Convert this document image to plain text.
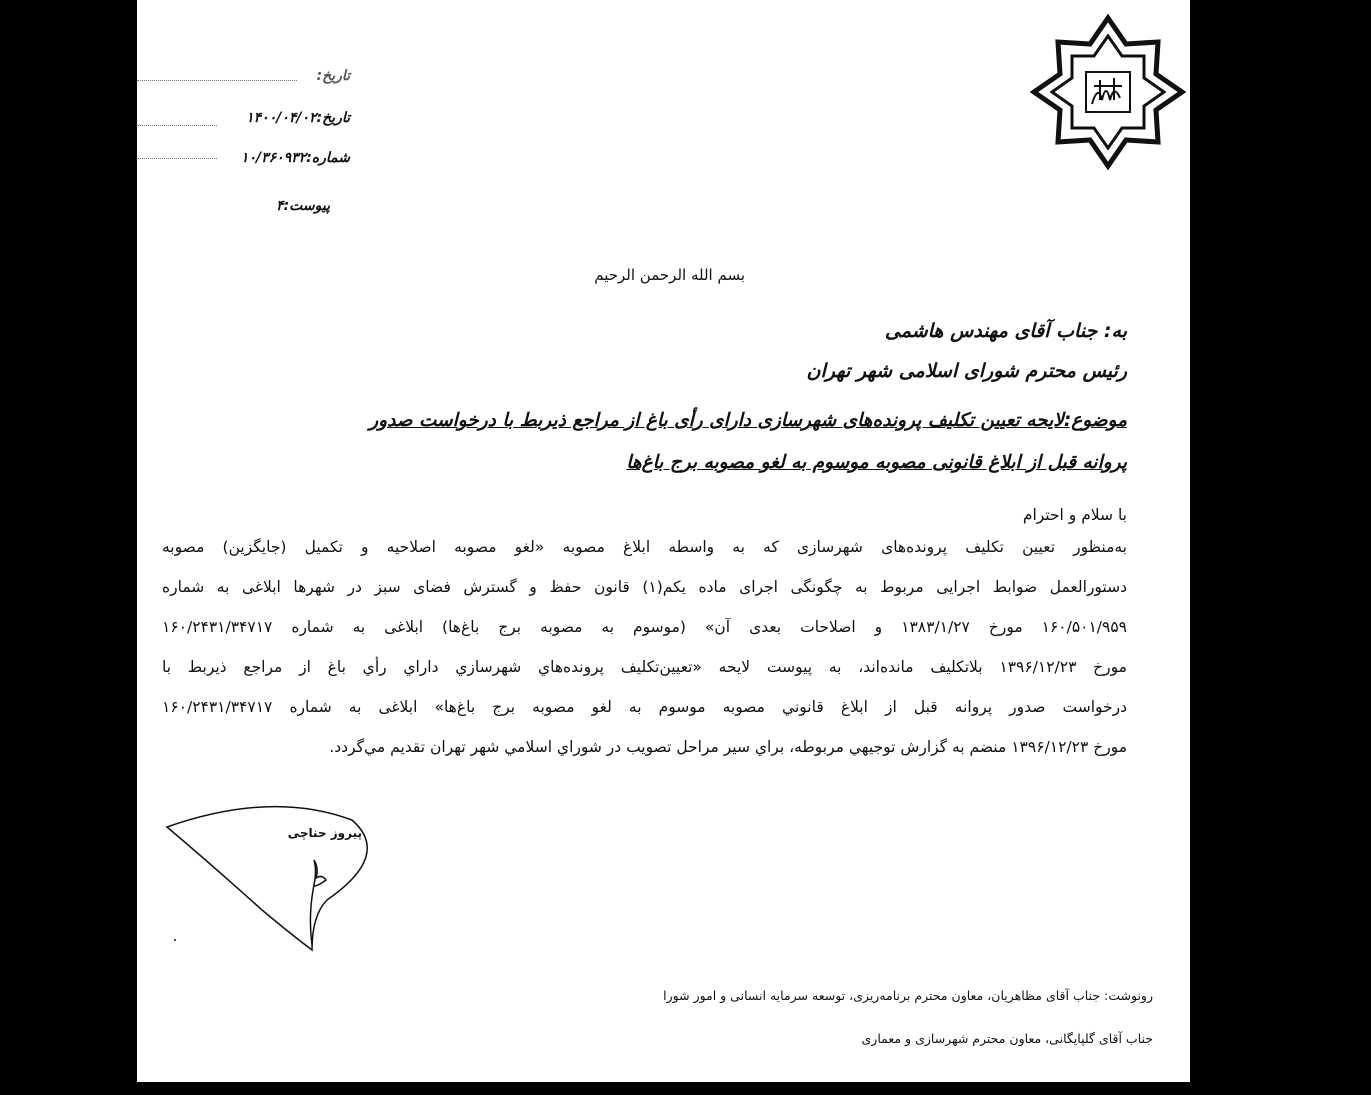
تاریخ:
تاریخ:۱۴۰۰/۰۴/۰۲
شماره:۱۰/۳۶۰۹۳۲
پیوست:۴
بسم الله الرحمن الرحیم
به: جناب آقای مهندس هاشمی
رئیس محترم شورای اسلامی شهر تهران
موضوع:لایحه تعیین تکلیف پرونده‌های شهرسازی دارای رأی باغ از مراجع ذیربط با درخواست صدور
پروانه قبل از ابلاغ قانونی مصوبه موسوم به لغو مصوبه برج باغ‌ها
با سلام و احترام
به‌منظور تعیین تکلیف پرونده‌های شهرسازی که به واسطه ابلاغ مصوبه «لغو مصوبه اصلاحیه و تکمیل (جایگزین) مصوبه
دستورالعمل ضوابط اجرایی مربوط به چگونگی اجرای ماده یکم(۱) قانون حفظ و گسترش فضای سبز در شهرها ابلاغی به شماره
۱۶۰/۵۰۱/۹۵۹ مورخ ۱۳۸۳/۱/۲۷ و اصلاحات بعدی آن» (موسوم به مصوبه برج باغ‌ها) ابلاغی به شماره ۱۶۰/۲۴۳۱/۳۴۷۱۷
مورخ ۱۳۹۶/۱۲/۲۳ بلاتکلیف مانده‌اند، به پیوست لایحه «تعیین‌تکلیف پرونده‌هاي شهرسازي داراي رأي باغ از مراجع ذيربط با
درخواست صدور پروانه قبل از ابلاغ قانوني مصوبه موسوم به لغو مصوبه برج باغ‌ها» ابلاغی به شماره ۱۶۰/۲۴۳۱/۳۴۷۱۷
مورخ ۱۳۹۶/۱۲/۲۳ منضم به گزارش توجيهي مربوطه، براي سير مراحل تصويب در شوراي اسلامي شهر تهران تقديم مي‌گردد.
پیروز حناچی
رونوشت: جناب آقای مظاهریان، معاون محترم برنامه‌ریزی، توسعه سرمایه انسانی و امور شورا
جناب آقای گلپایگانی، معاون محترم شهرسازی و معماری
